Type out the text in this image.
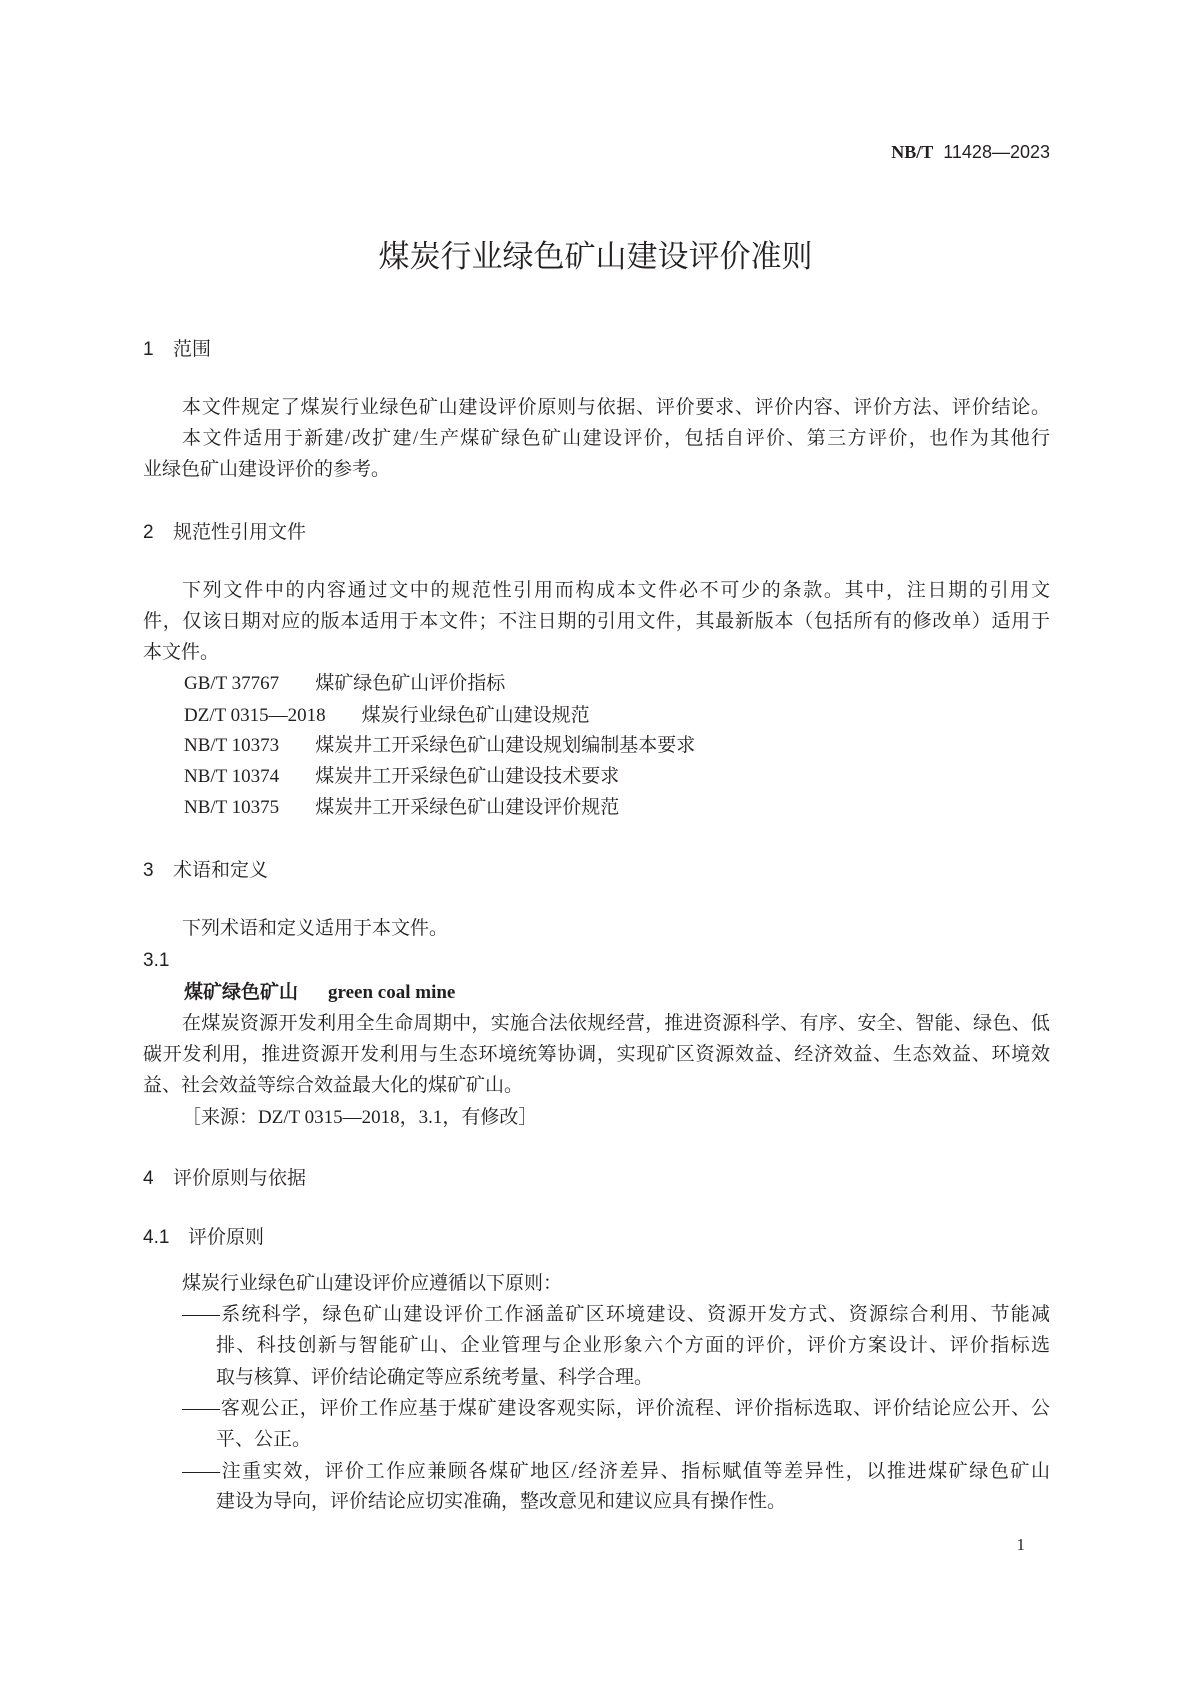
NB/T 11428—2023
煤炭行业绿色矿山建设评价准则
1 范围
本文件规定了煤炭行业绿色矿山建设评价原则与依据、评价要求、评价内容、评价方法、评价结论。
本文件适用于新建/改扩建/生产煤矿绿色矿山建设评价，包括自评价、第三方评价，也作为其他行
业绿色矿山建设评价的参考。
2 规范性引用文件
下列文件中的内容通过文中的规范性引用而构成本文件必不可少的条款。其中，注日期的引用文
件，仅该日期对应的版本适用于本文件；不注日期的引用文件，其最新版本（包括所有的修改单）适用于
本文件。
GB/T 37767 煤矿绿色矿山评价指标
DZ/T 0315—2018 煤炭行业绿色矿山建设规范
NB/T 10373 煤炭井工开采绿色矿山建设规划编制基本要求
NB/T 10374 煤炭井工开采绿色矿山建设技术要求
NB/T 10375 煤炭井工开采绿色矿山建设评价规范
3 术语和定义
下列术语和定义适用于本文件。
3.1
煤矿绿色矿山 green coal mine
在煤炭资源开发利用全生命周期中，实施合法依规经营，推进资源科学、有序、安全、智能、绿色、低
碳开发利用，推进资源开发利用与生态环境统筹协调，实现矿区资源效益、经济效益、生态效益、环境效
益、社会效益等综合效益最大化的煤矿矿山。
［来源：DZ/T 0315—2018，3.1，有修改］
4 评价原则与依据
4.1 评价原则
煤炭行业绿色矿山建设评价应遵循以下原则：
——系统科学，绿色矿山建设评价工作涵盖矿区环境建设、资源开发方式、资源综合利用、节能减
排、科技创新与智能矿山、企业管理与企业形象六个方面的评价，评价方案设计、评价指标选
取与核算、评价结论确定等应系统考量、科学合理。
——客观公正，评价工作应基于煤矿建设客观实际，评价流程、评价指标选取、评价结论应公开、公
平、公正。
——注重实效，评价工作应兼顾各煤矿地区/经济差异、指标赋值等差异性，以推进煤矿绿色矿山
建设为导向，评价结论应切实准确，整改意见和建议应具有操作性。
1
